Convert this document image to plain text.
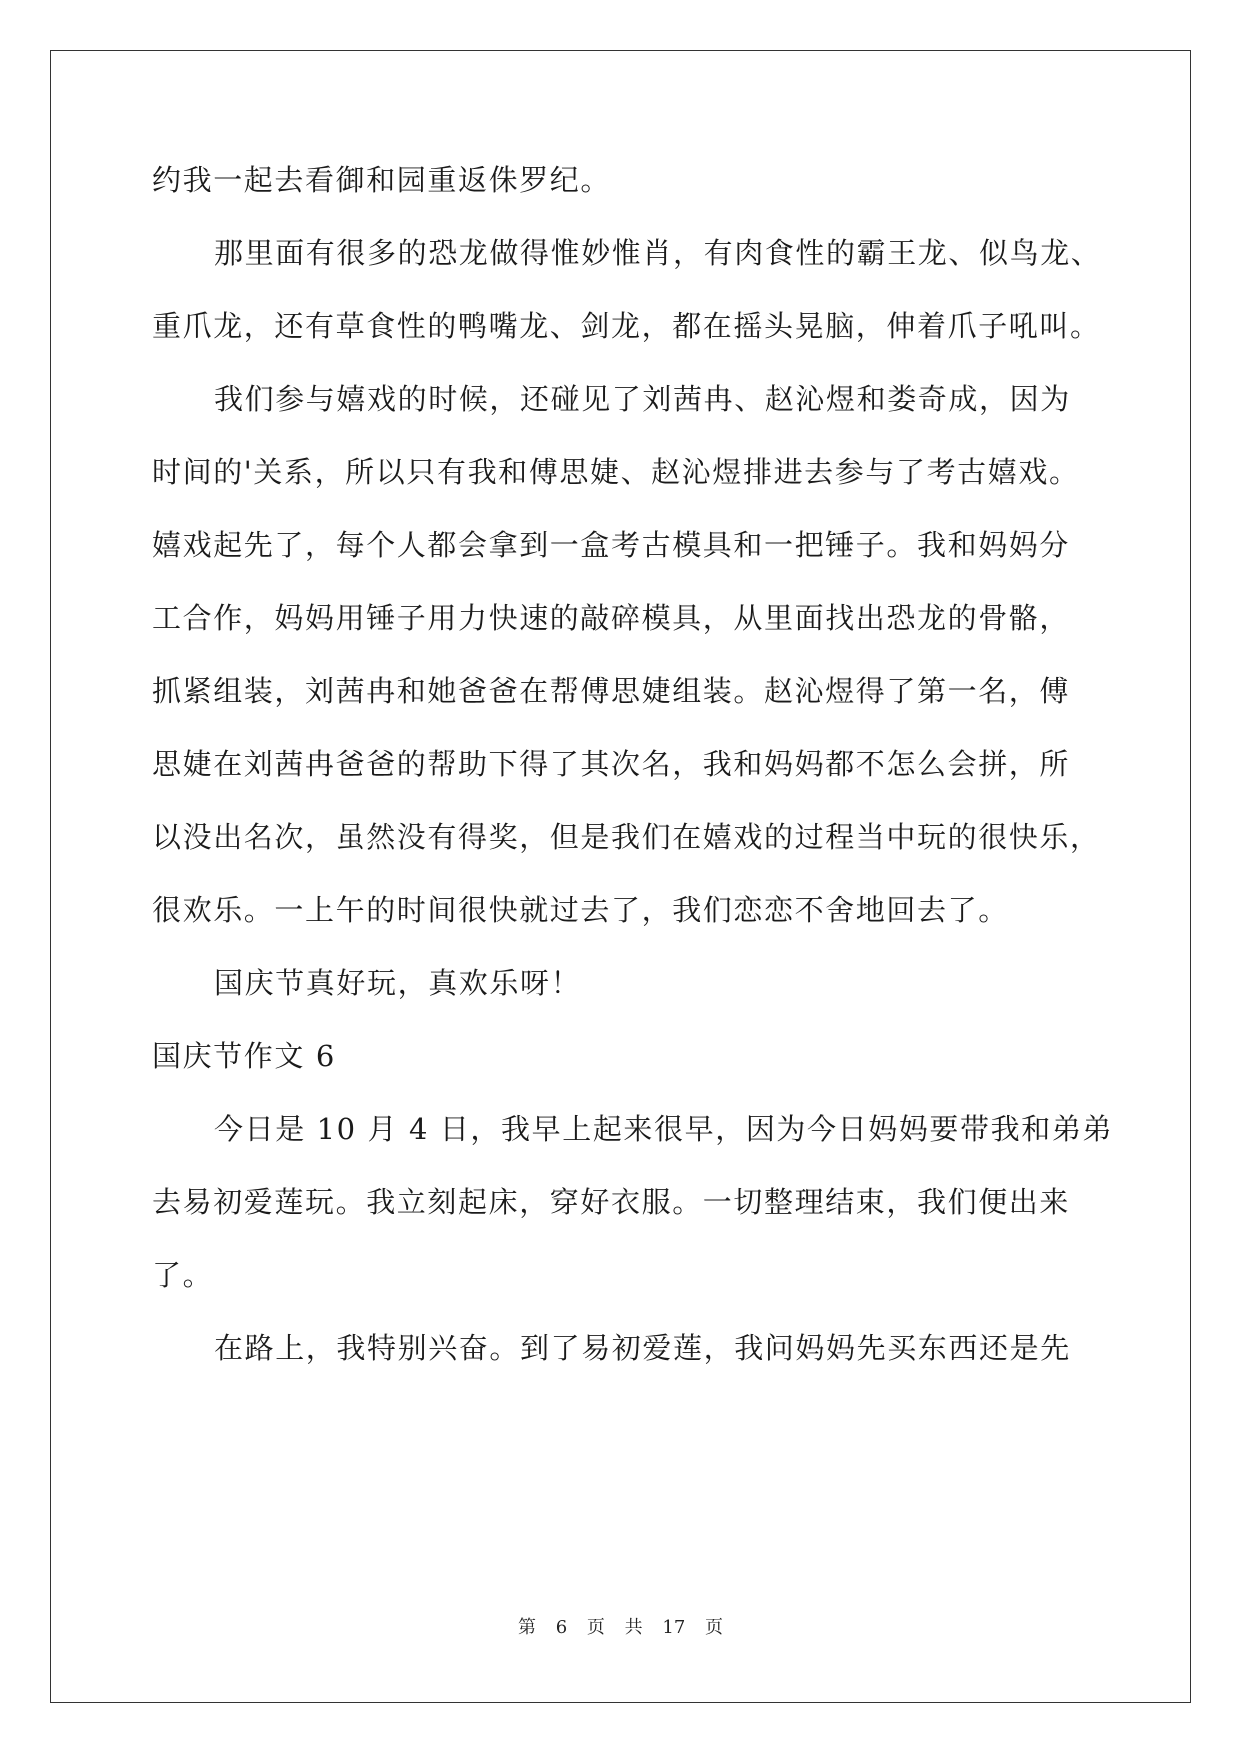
约我一起去看御和园重返侏罗纪。
那里面有很多的恐龙做得惟妙惟肖，有肉食性的霸王龙、似鸟龙、
重爪龙，还有草食性的鸭嘴龙、剑龙，都在摇头晃脑，伸着爪子吼叫。
我们参与嬉戏的时候，还碰见了刘茜冉、赵沁煜和娄奇成，因为
时间的'关系，所以只有我和傅思婕、赵沁煜排进去参与了考古嬉戏。
嬉戏起先了，每个人都会拿到一盒考古模具和一把锤子。我和妈妈分
工合作，妈妈用锤子用力快速的敲碎模具，从里面找出恐龙的骨骼，
抓紧组装，刘茜冉和她爸爸在帮傅思婕组装。赵沁煜得了第一名，傅
思婕在刘茜冉爸爸的帮助下得了其次名，我和妈妈都不怎么会拼，所
以没出名次，虽然没有得奖，但是我们在嬉戏的过程当中玩的很快乐，
很欢乐。一上午的时间很快就过去了，我们恋恋不舍地回去了。
国庆节真好玩，真欢乐呀！
国庆节作文 6
今日是 10 月 4 日，我早上起来很早，因为今日妈妈要带我和弟弟
去易初爱莲玩。我立刻起床，穿好衣服。一切整理结束，我们便出来
了。
在路上，我特别兴奋。到了易初爱莲，我问妈妈先买东西还是先
第 6 页 共 17 页
